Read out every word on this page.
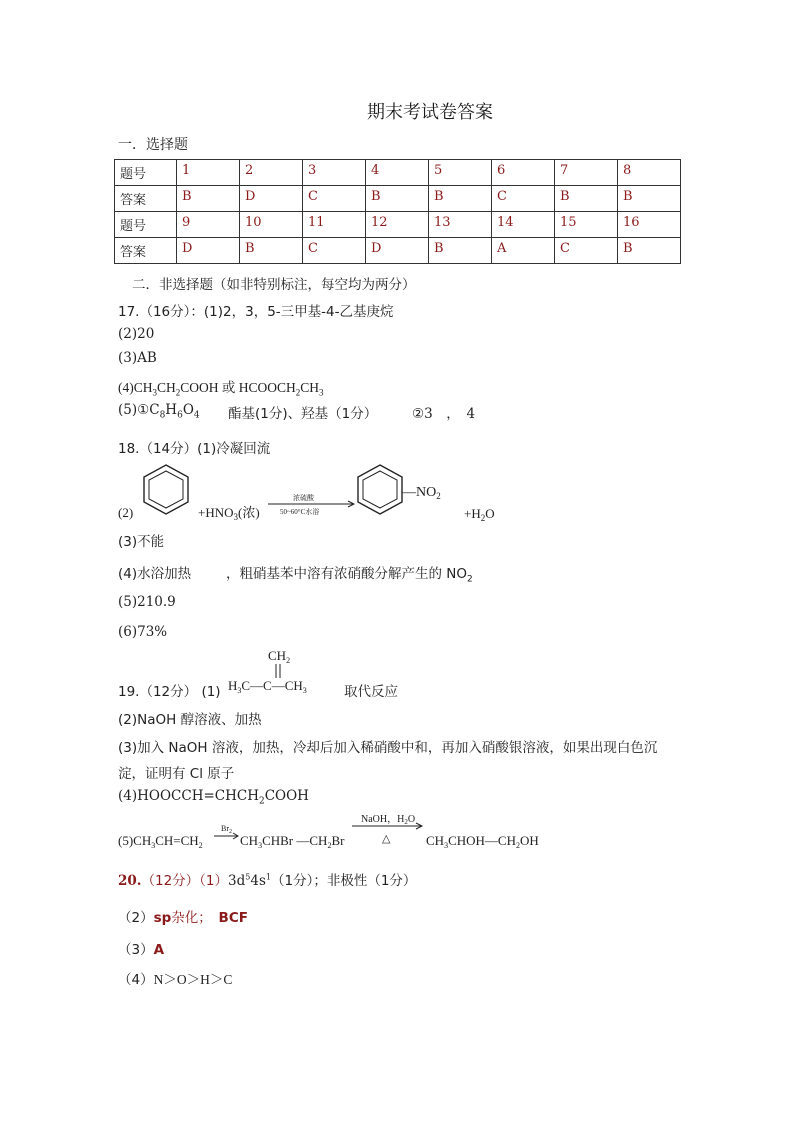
期末考试卷答案
一．选择题
题号	1	2	3	4	5	6	7	8
答案	B	D	C	B	B	C	B	B
题号	9	10	11	12	13	14	15	16
答案	D	B	C	D	B	A	C	B
二．非选择题（如非特别标注，每空均为两分）
17.（16分）：(1)2，3，5-三甲基-4-乙基庚烷
(2)20
(3)AB
$(4)CH_3CH_2COOH$ 或 $HCOOCH_2CH_3$
$(5)①C_8H_6O_4$ 酯基(1分)、羟基（1分）	②3　，　4
18.（14分）(1)冷凝回流
(2)	$+HNO_3$(浓)
浓硫酸
50~60°C水浴
$—NO_2$
$+H_2O$
(3)不能
(4)水浴加热	，粗硝基苯中溶有浓硝酸分解产生的 $NO_2$
(5)210.9
(6)73%
19.（12分） (1)
$CH_2$
$H_3C—C—CH_3$	取代反应
(2)NaOH 醇溶液、加热
(3)加入 NaOH 溶液，加热，冷却后加入稀硝酸中和，再加入硝酸银溶液，如果出现白色沉
淀，证明有 Cl 原子
$(4)HOOCCH=CHCH_2COOH$
$(5)CH_3CH=CH_2$
$Br_2$
$CH_3CHBr$ $—CH_2Br$
NaOH，$H_2O$
△	$CH_3CHOH—CH_2OH$
20.（12分）$(1)3d^54s^1(1$分）；非极性（1分）
（2）sp杂化；　 BCF
（3）A
（4）N＞O＞H＞C
